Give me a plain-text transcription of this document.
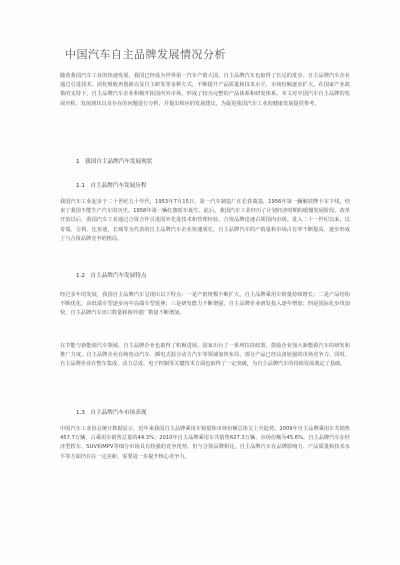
中国汽车自主品牌发展情况分析
随着我国汽车工业的快速发展，我国已经成为世界第一汽车产销大国，自主品牌汽车也取得了长足的进步。自主品牌汽车企业通过引进技术、消化吸收再创新以及自主研发等多种方式，不断提升产品质量和技术水平，市场份额逐步扩大。在国家产业政策的支持下，自主品牌汽车企业积极开拓国内外市场，形成了较为完整的产品体系和研发体系。本文对中国汽车自主品牌的发展历程、发展现状以及存在的问题进行分析，并提出相应的发展建议，为促进我国汽车工业的健康发展提供参考。
1　我国自主品牌汽车发展现状
1.1　自主品牌汽车发展历程
我国汽车工业起步于二十世纪五十年代，1953年7月15日，第一汽车制造厂在长春奠基，1956年第一辆解放牌卡车下线，结束了我国不能生产汽车的历史。1958年第一辆红旗轿车诞生。此后，我国汽车工业经历了计划经济时期的缓慢发展阶段。改革开放以后，我国汽车工业通过合资合作引进国外先进技术和管理经验，合资品牌迅速占领国内市场。进入二十一世纪以来，以奇瑞、吉利、比亚迪、长城等为代表的自主品牌汽车企业快速成长，自主品牌汽车的产销量和市场占有率不断提高，逐步形成了与合资品牌竞争的格局。
1.2　自主品牌汽车发展特点
经过多年的发展，我国自主品牌汽车呈现出以下特点：一是产销规模不断扩大，自主品牌乘用车销量持续增长；二是产品结构不断优化，由低端车型逐步向中高端车型延伸；三是研发能力不断增强，自主品牌企业研发投入逐年增加；四是国际化步伐加快，自主品牌汽车出口数量和海外建厂数量不断增加。
在节能与新能源汽车领域，自主品牌企业也取得了积极进展。国家出台了一系列扶持政策，鼓励企业加大新能源汽车的研发和推广力度。自主品牌企业在纯电动汽车、插电式混合动力汽车等领域加快布局，部分产品已经具备较强的市场竞争力。同时，自主品牌企业在整车集成、动力总成、电子控制等关键技术方面也取得了一定突破，为自主品牌汽车的持续发展奠定了基础。
1.3　自主品牌汽车市场表现
中国汽车工业协会统计数据显示，近年来我国自主品牌乘用车销量和市场份额总体呈上升趋势。2009年自主品牌乘用车共销售457.7万辆，占乘用车销售总量的44.3%；2010年自主品牌乘用车共销售627.3万辆，市场份额为45.6%。自主品牌汽车在经济型轿车、SUV和MPV等细分市场具有较强的竞争优势。但与合资品牌相比，自主品牌汽车在品牌影响力、产品质量和技术水平等方面仍存在一定差距，需要进一步提升核心竞争力。
